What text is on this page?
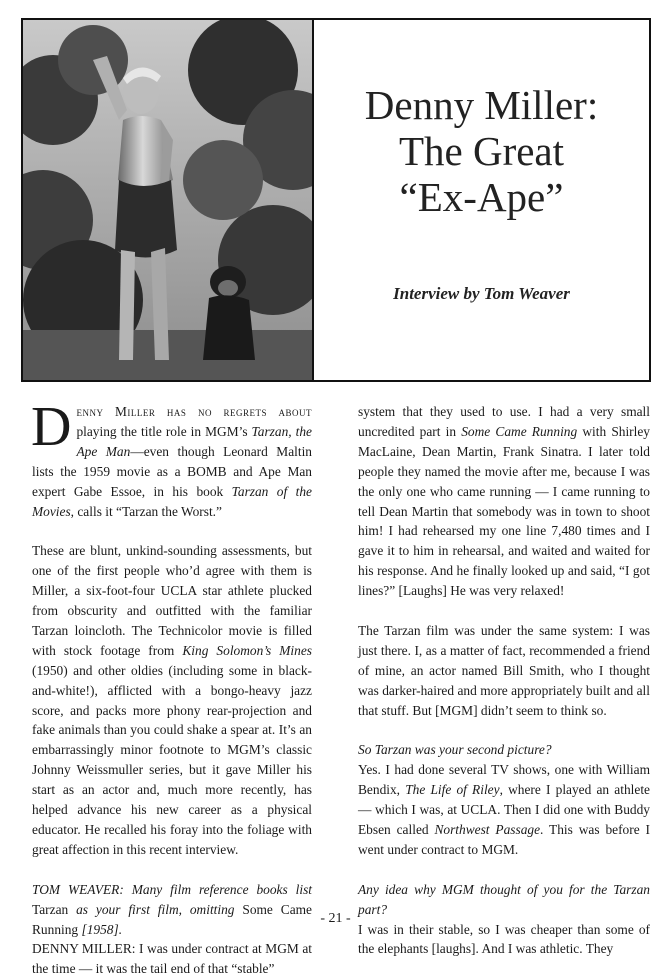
Denny Miller:
The Great
“Ex-Ape”
Interview by Tom Weaver

Denny Miller has no regrets about playing the title role in MGM’s Tarzan, the Ape Man—even though Leonard Maltin lists the 1959 movie as a BOMB and Ape Man expert Gabe Essoe, in his book Tarzan of the Movies, calls it “Tarzan the Worst.”

These are blunt, unkind-sounding assessments, but one of the first people who’d agree with them is Miller, a six-foot-four UCLA star athlete plucked from obscurity and outfitted with the familiar Tarzan loincloth. The Technicolor movie is filled with stock footage from King Solomon’s Mines (1950) and other oldies (including some in black-and-white!), afflicted with a bongo-heavy jazz score, and packs more phony rear-projection and fake animals than you could shake a spear at. It’s an embarrassingly minor footnote to MGM’s classic Johnny Weissmuller series, but it gave Miller his start as an actor and, much more recently, has helped advance his new career as a physical educator. He recalled his foray into the foliage with great affection in this recent interview.

TOM WEAVER: Many film reference books list Tarzan as your first film, omitting Some Came Running [1958].
DENNY MILLER: I was under contract at MGM at the time — it was the tail end of that “stable”

system that they used to use. I had a very small uncredited part in Some Came Running with Shirley MacLaine, Dean Martin, Frank Sinatra. I later told people they named the movie after me, because I was the only one who came running — I came running to tell Dean Martin that somebody was in town to shoot him! I had rehearsed my one line 7,480 times and I gave it to him in rehearsal, and waited and waited for his response. And he finally looked up and said, “I got lines?” [Laughs] He was very relaxed!

The Tarzan film was under the same system: I was just there. I, as a matter of fact, recommended a friend of mine, an actor named Bill Smith, who I thought was darker-haired and more appropriately built and all that stuff. But [MGM] didn’t seem to think so.

So Tarzan was your second picture?

Yes. I had done several TV shows, one with William Bendix, The Life of Riley, where I played an athlete — which I was, at UCLA. Then I did one with Buddy Ebsen called Northwest Passage. This was before I went under contract to MGM.

Any idea why MGM thought of you for the Tarzan part?
I was in their stable, so I was cheaper than some of the elephants [laughs]. And I was athletic. They
- 21 -
